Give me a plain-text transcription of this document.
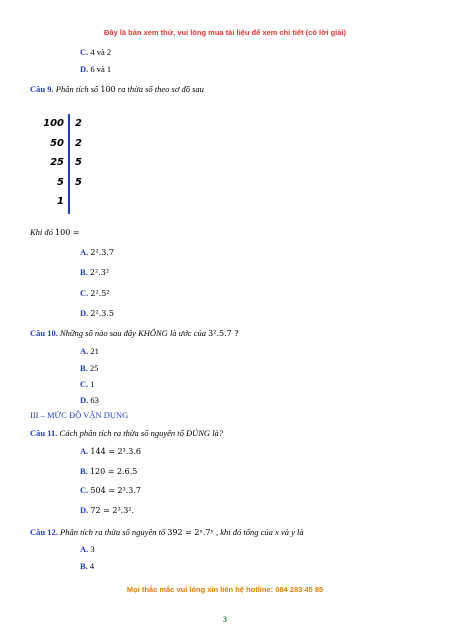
Đây là bản xem thử, vui lòng mua tài liệu để xem chi tiết (có lời giải)
C. 4 và 2
D. 6 và 1
Câu 9. Phân tích số 100 ra thừa số theo sơ đồ sau
100
50
25
5
1
2
2
5
5
Khi đó 100 =
A. 2².3.7
B. 2².3²
C. 2².5²
D. 2².3.5
Câu 10. Những số nào sau đây KHÔNG là ước của 3².5.7 ?
A. 21
B. 25
C. 1
D. 63
III – MỨC ĐỘ VẬN DỤNG
Câu 11. Cách phân tích ra thừa số nguyên tố ĐÚNG là?
A. 144 = 2³.3.6
B. 120 = 2.6.5
C. 504 = 2³.3.7
D. 72 = 2³.3².
Câu 12. Phân tích ra thừa số nguyên tố 392 = 2ˣ.7ʸ , khi đó tổng của x và y là
A. 3
B. 4
Mọi thắc mắc vui lòng xin liên hệ hotline: 084 283 45 85
3
